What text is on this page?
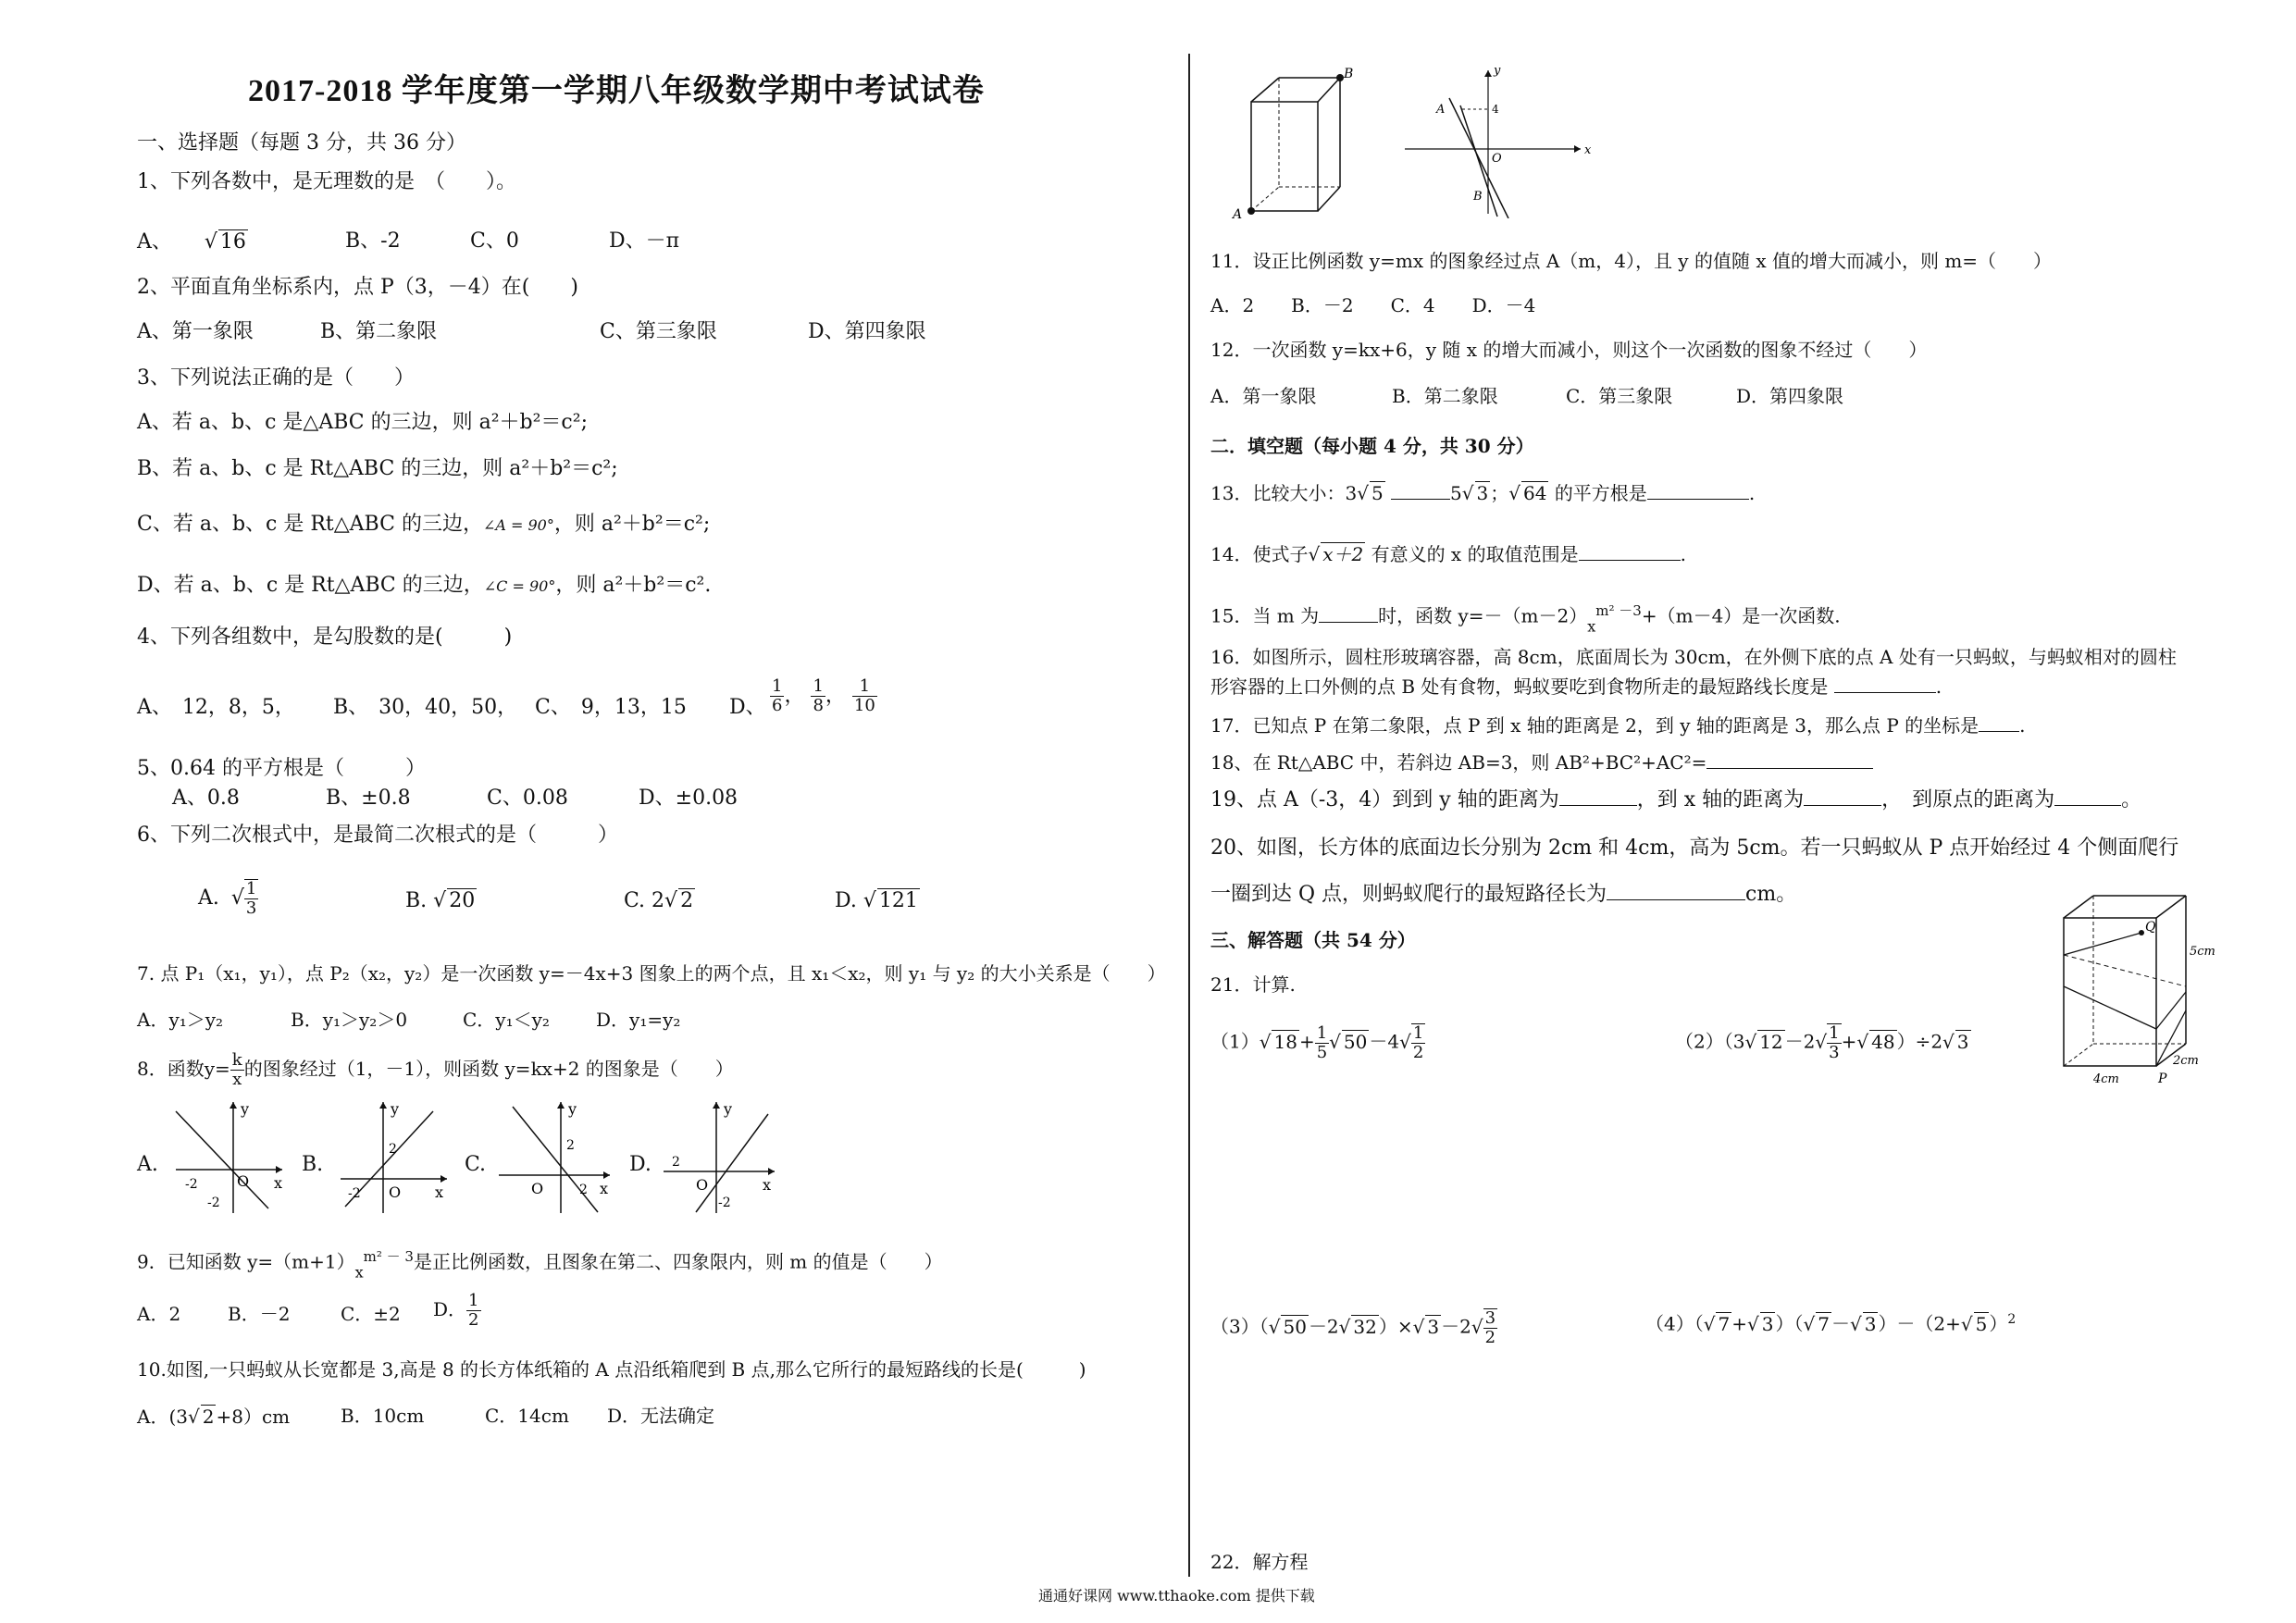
2017-2018 学年度第一学期八年级数学期中考试试卷
一、选择题（每题 3 分，共 36 分）
1、下列各数中，是无理数的是　（　　）。
A、 √ 16	B、-2	C、0	D、－π
2、平面直角坐标系内，点 P（3，－4）在(　　)
A、第一象限	B、第二象限	C、第三象限	D、第四象限
3、下列说法正确的是（　　）
A、若 a、b、c 是△ABC 的三边，则 a²＋b²＝c²;
B、若 a、b、c 是 Rt△ABC 的三边，则 a²＋b²＝c²;
C、若 a、b、c 是 Rt△ABC 的三边，∠A = 90°，则 a²＋b²＝c²;
D、若 a、b、c 是 Rt△ABC 的三边，∠C = 90°，则 a²＋b²＝c².
4、下列各组数中，是勾股数的是(　　　)
A、　12，8，5， B、　30，40，50， C、　9，13，15 D、 $\frac{1}{6}$ ， $\frac{1}{8}$ ， $\frac{1}{10}$
5、0.64 的平方根是（　　　）
A、0.8	B、±0.8	C、0.08	D、±0.08
6、下列二次根式中，是最简二次根式的是（　　　）
A. √ $\frac{1}{3}$	B. √ 20	C. 2√ 2	D. √ 121
7. 点 P₁（x₁，y₁），点 P₂（x₂，y₂）是一次函数 y=－4x+3 图象上的两个点，且 x₁＜x₂，则 y₁ 与 y₂ 的大小关系是（　　）
A．y₁＞y₂	B．y₁＞y₂＞0	C．y₁＜y₂	D．y₁=y₂
8．函数$y= \frac{k}{x}$ 的图象经过（1，－1），则函数 y=kx+2 的图象是（　　）
A.
y
x
O
-2
-2
B.
y
x
O
2
-2
C.
y
x
O
2
2
D.
y
x
O
2
-2
9．已知函数 $y=(m+1)_x^{m^2 - 3}$是正比例函数，且图象在第二、四象限内，则 m 的值是（　　）
A．2	B．－2	C．±2 D． $\frac{1}{2}$
10.如图,一只蚂蚁从长宽都是 3,高是 8 的长方体纸箱的 A 点沿纸箱爬到 B 点,那么它所行的最短路线的长是(　　　)
A．(3√ 2 +8）cm	B．10cm	C．14cm D．无法确定
B
A
y
x
A	4
O
B
11．设正比例函数 y=mx 的图象经过点 A（m，4），且 y 的值随 x 值的增大而减小，则 m=（　　）
A．2　　B．－2　　C．4　　D．－4
12．一次函数 y=kx+6，y 随 x 的增大而减小，则这个一次函数的图象不经过（　　）
A．第一象限	B．第二象限	C．第三象限	D．第四象限
二．填空题（每小题 4 分，共 30 分）
13．比较大小：3√ 5	5√ 3 ；√ 64 的平方根是	.
14．使式子√ x＋2 有意义的 x 的取值范围是	.
15．当 m 为	时，函数 $y=-(m-2)_x^{m^2 -3}+(m-4)$是一次函数.
16．如图所示，圆柱形玻璃容器，高 8cm，底面周长为 30cm，在外侧下底的点 A 处有一只蚂蚁，与蚂蚁相对的圆柱
形容器的上口外侧的点 B 处有食物，蚂蚁要吃到食物所走的最短路线长度是	.
17．已知点 P 在第二象限，点 P 到 x 轴的距离是 2，到 y 轴的距离是 3，那么点 P 的坐标是 .
18、在 Rt△ABC 中，若斜边 AB=3，则 AB²+BC²+AC²=
19、点 A（-3，4）到到 y 轴的距离为	，到 x 轴的距离为	，　到原点的距离为	。
20、如图，长方体的底面边长分别为 2cm 和 4cm，高为 5cm。若一只蚂蚁从 P 点开始经过 4 个侧面爬行
一圈到达 Q 点，则蚂蚁爬行的最短路径长为	cm。
Q
5cm
2cm
4cm	P
三、解答题（共 54 分）
21．计算.
（1）√ $18 + \frac{1}{5}$
√ $50 -4√ \frac{1}{2}$	（2）（3√ $12 -2√ \frac{1}{3}$ +√ 48 ）÷2√ 3
（3）（√ 50 －2√ 32 ）×√ $3 -2√ \frac{3}{2}$	（4）（√ 7 +√ 3 ）（√ 7 －√ 3 ）－（2+√ 5 ）$^2$
22．解方程
通通好课网 www.tthaoke.com 提供下载
